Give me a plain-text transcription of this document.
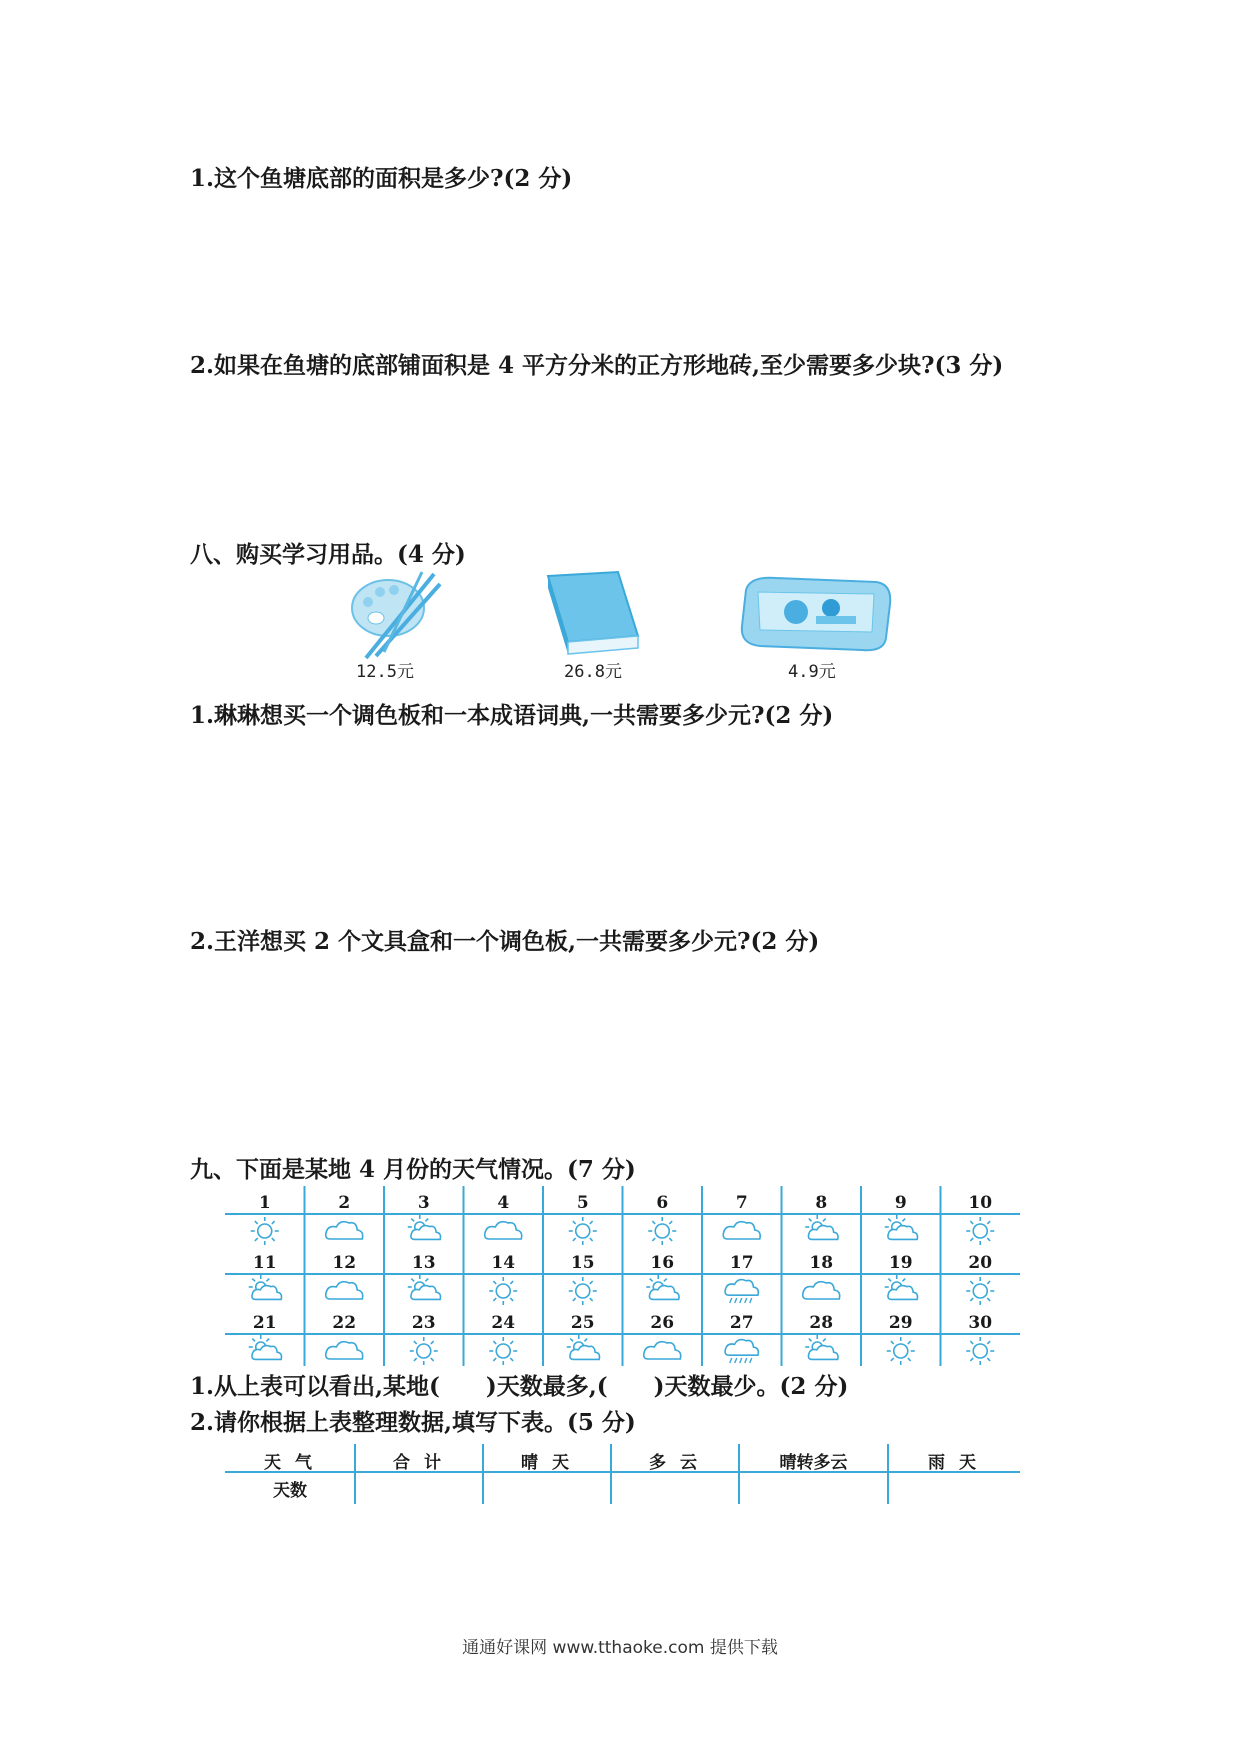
1.这个鱼塘底部的面积是多少?(2 分)
2.如果在鱼塘的底部铺面积是 4 平方分米的正方形地砖,至少需要多少块?(3 分)
八、购买学习用品。(4 分)
12.5元	26.8元	4.9元
1.琳琳想买一个调色板和一本成语词典,一共需要多少元?(2 分)
2.王洋想买 2 个文具盒和一个调色板,一共需要多少元?(2 分)
九、下面是某地 4 月份的天气情况。(7 分)
1	2	3	4	5	6	7	8	9	10
11	12	13	14	15	16	17	18	19	20
21	22	23	24	25	26	27	28	29	30
1.从上表可以看出,某地(　　)天数最多,(　　)天数最少。(2 分)
2.请你根据上表整理数据,填写下表。(5 分)
天 气	合 计	晴 天	多 云	晴转多云	雨 天
天数
通通好课网 www.tthaoke.com 提供下载
